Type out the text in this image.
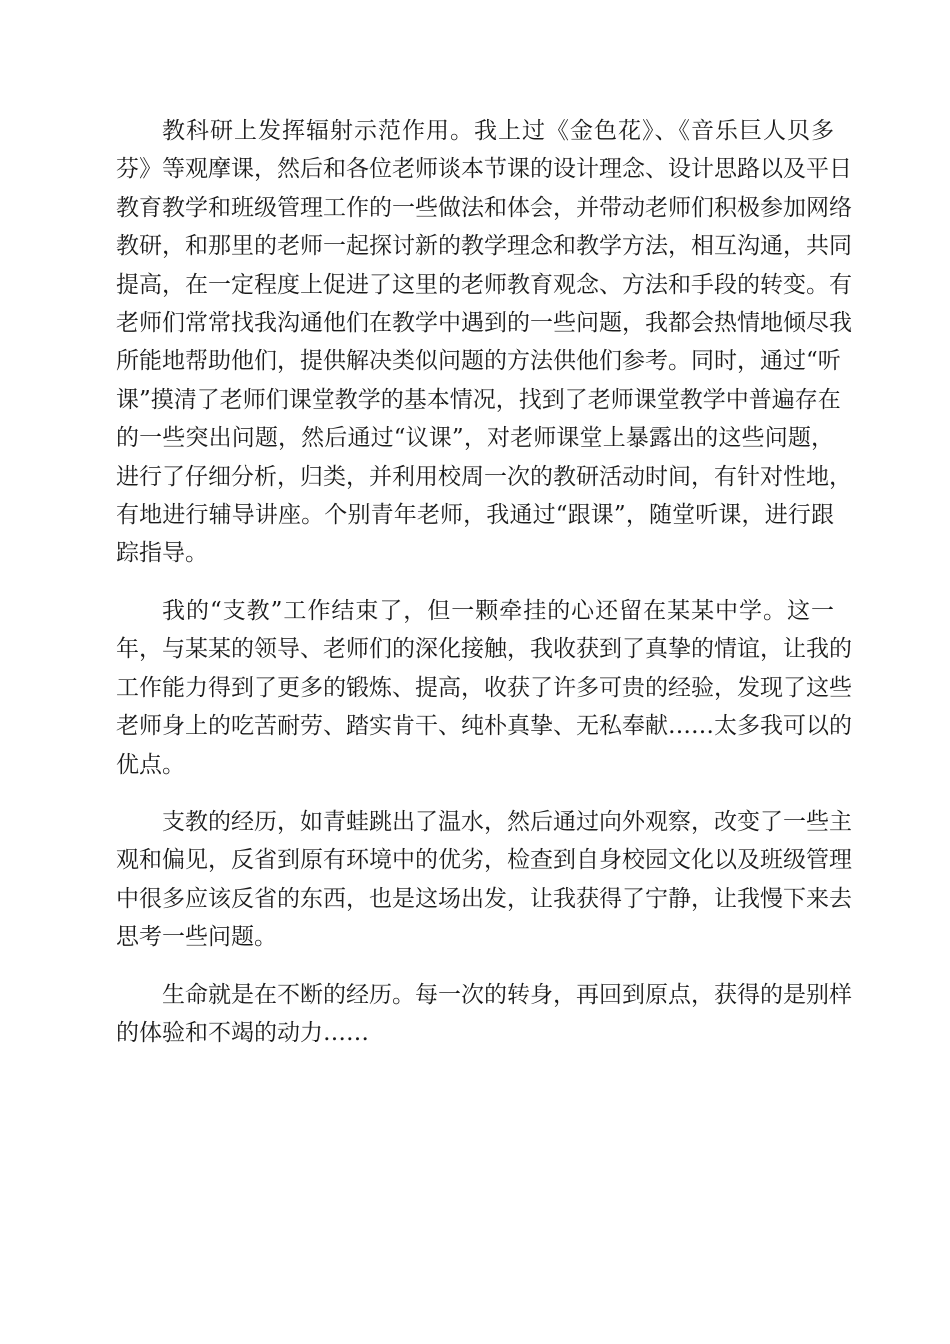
教科研上发挥辐射示范作用。我上过《金色花》、《音乐巨人贝多
芬》等观摩课，然后和各位老师谈本节课的设计理念、设计思路以及平日
教育教学和班级管理工作的一些做法和体会，并带动老师们积极参加网络
教研，和那里的老师一起探讨新的教学理念和教学方法，相互沟通，共同
提高，在一定程度上促进了这里的老师教育观念、方法和手段的转变。有
老师们常常找我沟通他们在教学中遇到的一些问题，我都会热情地倾尽我
所能地帮助他们，提供解决类似问题的方法供他们参考。同时，通过“听
课”摸清了老师们课堂教学的基本情况，找到了老师课堂教学中普遍存在
的一些突出问题，然后通过“议课”，对老师课堂上暴露出的这些问题，
进行了仔细分析，归类，并利用校周一次的教研活动时间，有针对性地，
有地进行辅导讲座。个别青年老师，我通过“跟课”，随堂听课，进行跟
踪指导。

我的“支教”工作结束了，但一颗牵挂的心还留在某某中学。这一
年，与某某的领导、老师们的深化接触，我收获到了真挚的情谊，让我的
工作能力得到了更多的锻炼、提高，收获了许多可贵的经验，发现了这些
老师身上的吃苦耐劳、踏实肯干、纯朴真挚、无私奉献……太多我可以的
优点。

支教的经历，如青蛙跳出了温水，然后通过向外观察，改变了一些主
观和偏见，反省到原有环境中的优劣，检查到自身校园文化以及班级管理
中很多应该反省的东西，也是这场出发，让我获得了宁静，让我慢下来去
思考一些问题。

生命就是在不断的经历。每一次的转身，再回到原点，获得的是别样
的体验和不竭的动力……
